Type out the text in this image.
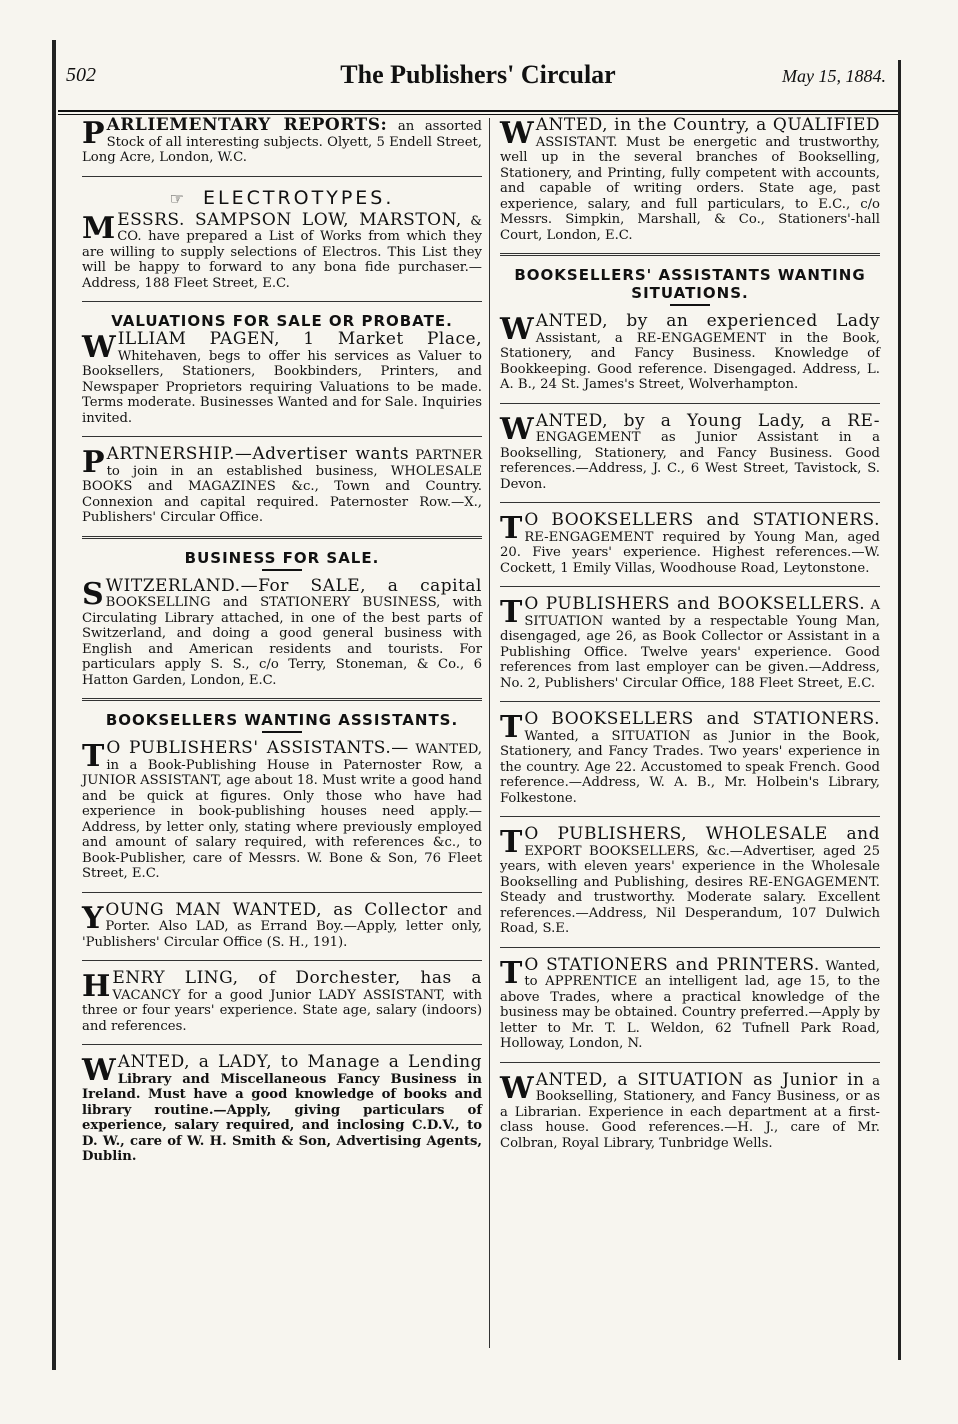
502	The Publishers' Circular	May 15, 1884.
P ARLIEMENTARY REPORTS: an assorted Stock of all interesting subjects. Olyett, 5 Endell Street, Long Acre, London, W.C.
☞ ELECTROTYPES.
M ESSRS. SAMPSON LOW, MARSTON, & CO. have prepared a List of Works from which they are willing to supply selections of Electros. This List they will be happy to forward to any bona fide purchaser.—Address, 188 Fleet Street, E.C.
VALUATIONS FOR SALE OR PROBATE.
W ILLIAM PAGEN, 1 Market Place, Whitehaven, begs to offer his services as Valuer to Booksellers, Stationers, Bookbinders, Printers, and Newspaper Proprietors requiring Valuations to be made. Terms moderate. Businesses Wanted and for Sale. Inquiries invited.
P ARTNERSHIP.—Advertiser wants PARTNER to join in an established business, WHOLESALE BOOKS and MAGAZINES &c., Town and Country. Connexion and capital required. Paternoster Row.—X., Publishers' Circular Office.
BUSINESS FOR SALE.
S WITZERLAND.—For SALE, a capital BOOKSELLING and STATIONERY BUSINESS, with Circulating Library attached, in one of the best parts of Switzerland, and doing a good general business with English and American residents and tourists. For particulars apply S. S., c/o Terry, Stoneman, & Co., 6 Hatton Garden, London, E.C.
BOOKSELLERS WANTING ASSISTANTS.
T O PUBLISHERS' ASSISTANTS.— WANTED, in a Book-Publishing House in Paternoster Row, a JUNIOR ASSISTANT, age about 18. Must write a good hand and be quick at figures. Only those who have had experience in book-publishing houses need apply.—Address, by letter only, stating where previously employed and amount of salary required, with references &c., to Book-Publisher, care of Messrs. W. Bone & Son, 76 Fleet Street, E.C.
Y OUNG MAN WANTED, as Collector and Porter. Also LAD, as Errand Boy.—Apply, letter only, 'Publishers' Circular Office (S. H., 191).
H ENRY LING, of Dorchester, has a VACANCY for a good Junior LADY ASSISTANT, with three or four years' experience. State age, salary (indoors) and references.
W ANTED, a LADY, to Manage a Lending Library and Miscellaneous Fancy Business in Ireland. Must have a good knowledge of books and library routine.—Apply, giving particulars of experience, salary required, and inclosing C.D.V., to D. W., care of W. H. Smith & Son, Advertising Agents, Dublin.
W ANTED, in the Country, a QUALIFIED ASSISTANT. Must be energetic and trustworthy, well up in the several branches of Bookselling, Stationery, and Printing, fully competent with accounts, and capable of writing orders. State age, past experience, salary, and full particulars, to E.C., c/o Messrs. Simpkin, Marshall, & Co., Stationers'-hall Court, London, E.C.
BOOKSELLERS' ASSISTANTS WANTING SITUATIONS.
W ANTED, by an experienced Lady Assistant, a RE-ENGAGEMENT in the Book, Stationery, and Fancy Business. Knowledge of Bookkeeping. Good reference. Disengaged. Address, L. A. B., 24 St. James's Street, Wolverhampton.
W ANTED, by a Young Lady, a RE- ENGAGEMENT as Junior Assistant in a Bookselling, Stationery, and Fancy Business. Good references.—Address, J. C., 6 West Street, Tavistock, S. Devon.
T O BOOKSELLERS and STATIONERS. RE-ENGAGEMENT required by Young Man, aged 20. Five years' experience. Highest references.—W. Cockett, 1 Emily Villas, Woodhouse Road, Leytonstone.
T O PUBLISHERS and BOOKSELLERS. A SITUATION wanted by a respectable Young Man, disengaged, age 26, as Book Collector or Assistant in a Publishing Office. Twelve years' experience. Good references from last employer can be given.—Address, No. 2, Publishers' Circular Office, 188 Fleet Street, E.C.
T O BOOKSELLERS and STATIONERS. Wanted, a SITUATION as Junior in the Book, Stationery, and Fancy Trades. Two years' experience in the country. Age 22. Accustomed to speak French. Good reference.—Address, W. A. B., Mr. Holbein's Library, Folkestone.
T O PUBLISHERS, WHOLESALE and EXPORT BOOKSELLERS, &c.—Advertiser, aged 25 years, with eleven years' experience in the Wholesale Bookselling and Publishing, desires RE-ENGAGEMENT. Steady and trustworthy. Moderate salary. Excellent references.—Address, Nil Desperandum, 107 Dulwich Road, S.E.
T O STATIONERS and PRINTERS. Wanted, to APPRENTICE an intelligent lad, age 15, to the above Trades, where a practical knowledge of the business may be obtained. Country preferred.—Apply by letter to Mr. T. L. Weldon, 62 Tufnell Park Road, Holloway, London, N.
W ANTED, a SITUATION as Junior in a Bookselling, Stationery, and Fancy Business, or as a Librarian. Experience in each department at a first-class house. Good references.—H. J., care of Mr. Colbran, Royal Library, Tunbridge Wells.
